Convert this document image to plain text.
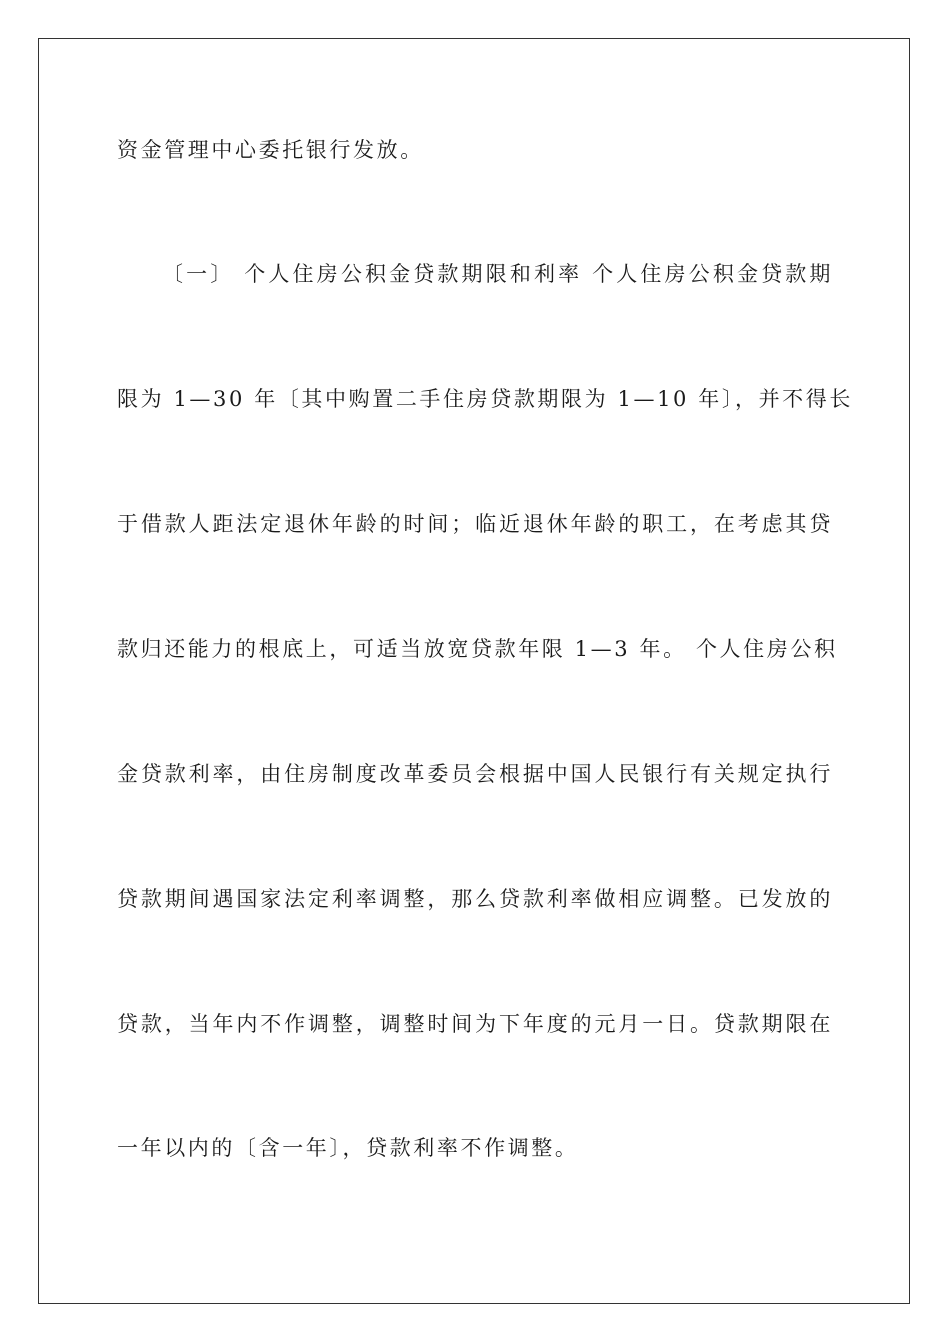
资金管理中心委托银行发放。
〔一〕 个人住房公积金贷款期限和利率 个人住房公积金贷款期
限为 1—30 年〔其中购置二手住房贷款期限为 1—10 年〕，并不得长
于借款人距法定退休年龄的时间；临近退休年龄的职工，在考虑其贷
款归还能力的根底上，可适当放宽贷款年限 1—3 年。 个人住房公积
金贷款利率，由住房制度改革委员会根据中国人民银行有关规定执行
贷款期间遇国家法定利率调整，那么贷款利率做相应调整。已发放的
贷款，当年内不作调整，调整时间为下年度的元月一日。贷款期限在
一年以内的〔含一年〕，贷款利率不作调整。
